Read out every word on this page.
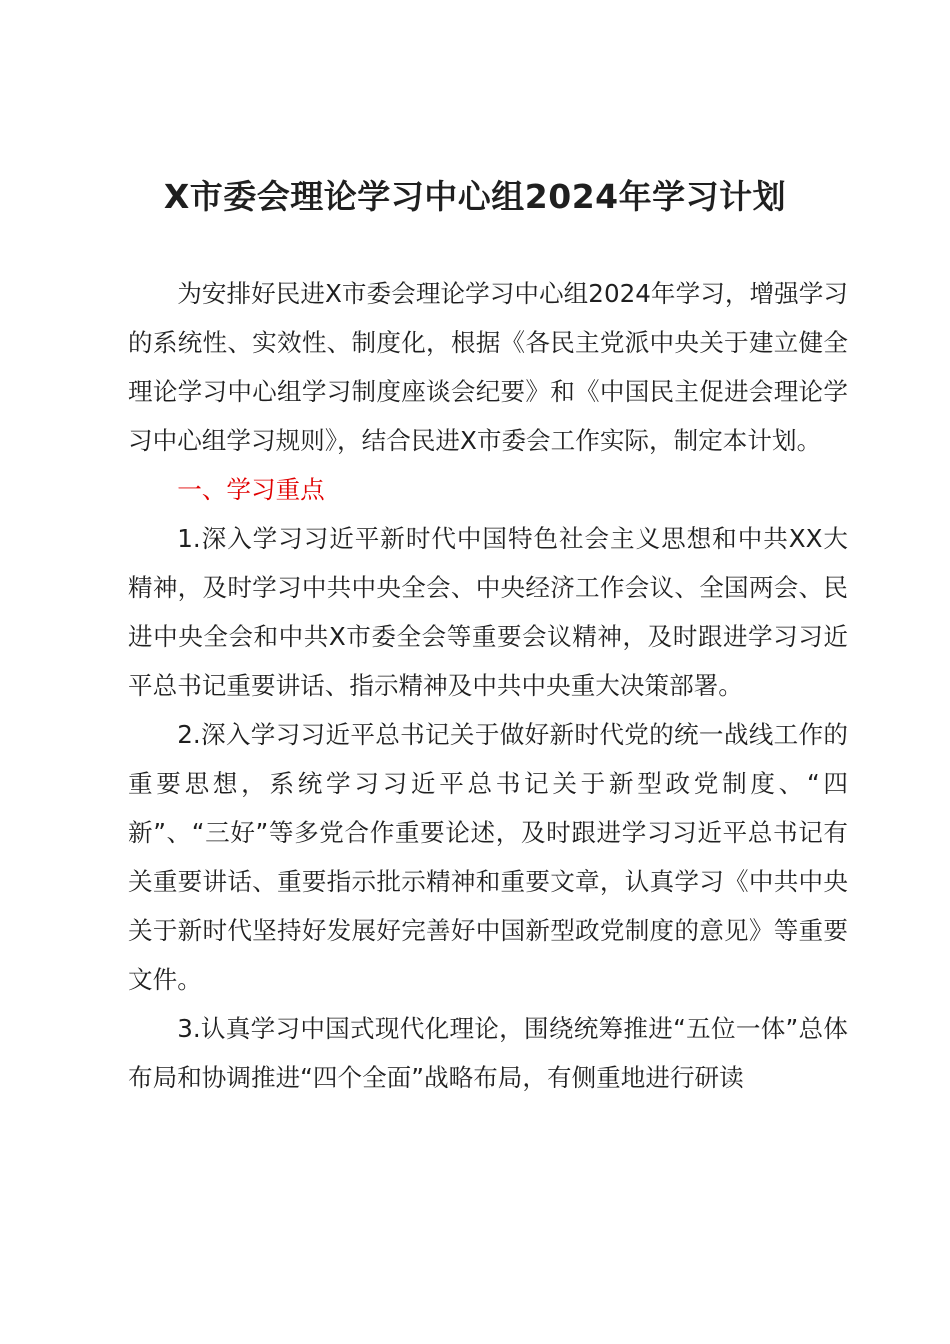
X市委会理论学习中心组2024年学习计划

为安排好民进X市委会理论学习中心组2024年学习，增强学习的系统性、实效性、制度化，根据《各民主党派中央关于建立健全理论学习中心组学习制度座谈会纪要》和《中国民主促进会理论学习中心组学习规则》，结合民进X市委会工作实际，制定本计划。

一、学习重点

1.深入学习习近平新时代中国特色社会主义思想和中共XX大精神，及时学习中共中央全会、中央经济工作会议、全国两会、民进中央全会和中共X市委全会等重要会议精神，及时跟进学习习近平总书记重要讲话、指示精神及中共中央重大决策部署。

2.深入学习习近平总书记关于做好新时代党的统一战线工作的重要思想，系统学习习近平总书记关于新型政党制度、“四新”、“三好”等多党合作重要论述，及时跟进学习习近平总书记有关重要讲话、重要指示批示精神和重要文章，认真学习《中共中央关于新时代坚持好发展好完善好中国新型政党制度的意见》等重要文件。

3.认真学习中国式现代化理论，围绕统筹推进“五位一体”总体布局和协调推进“四个全面”战略布局，有侧重地进行研读
